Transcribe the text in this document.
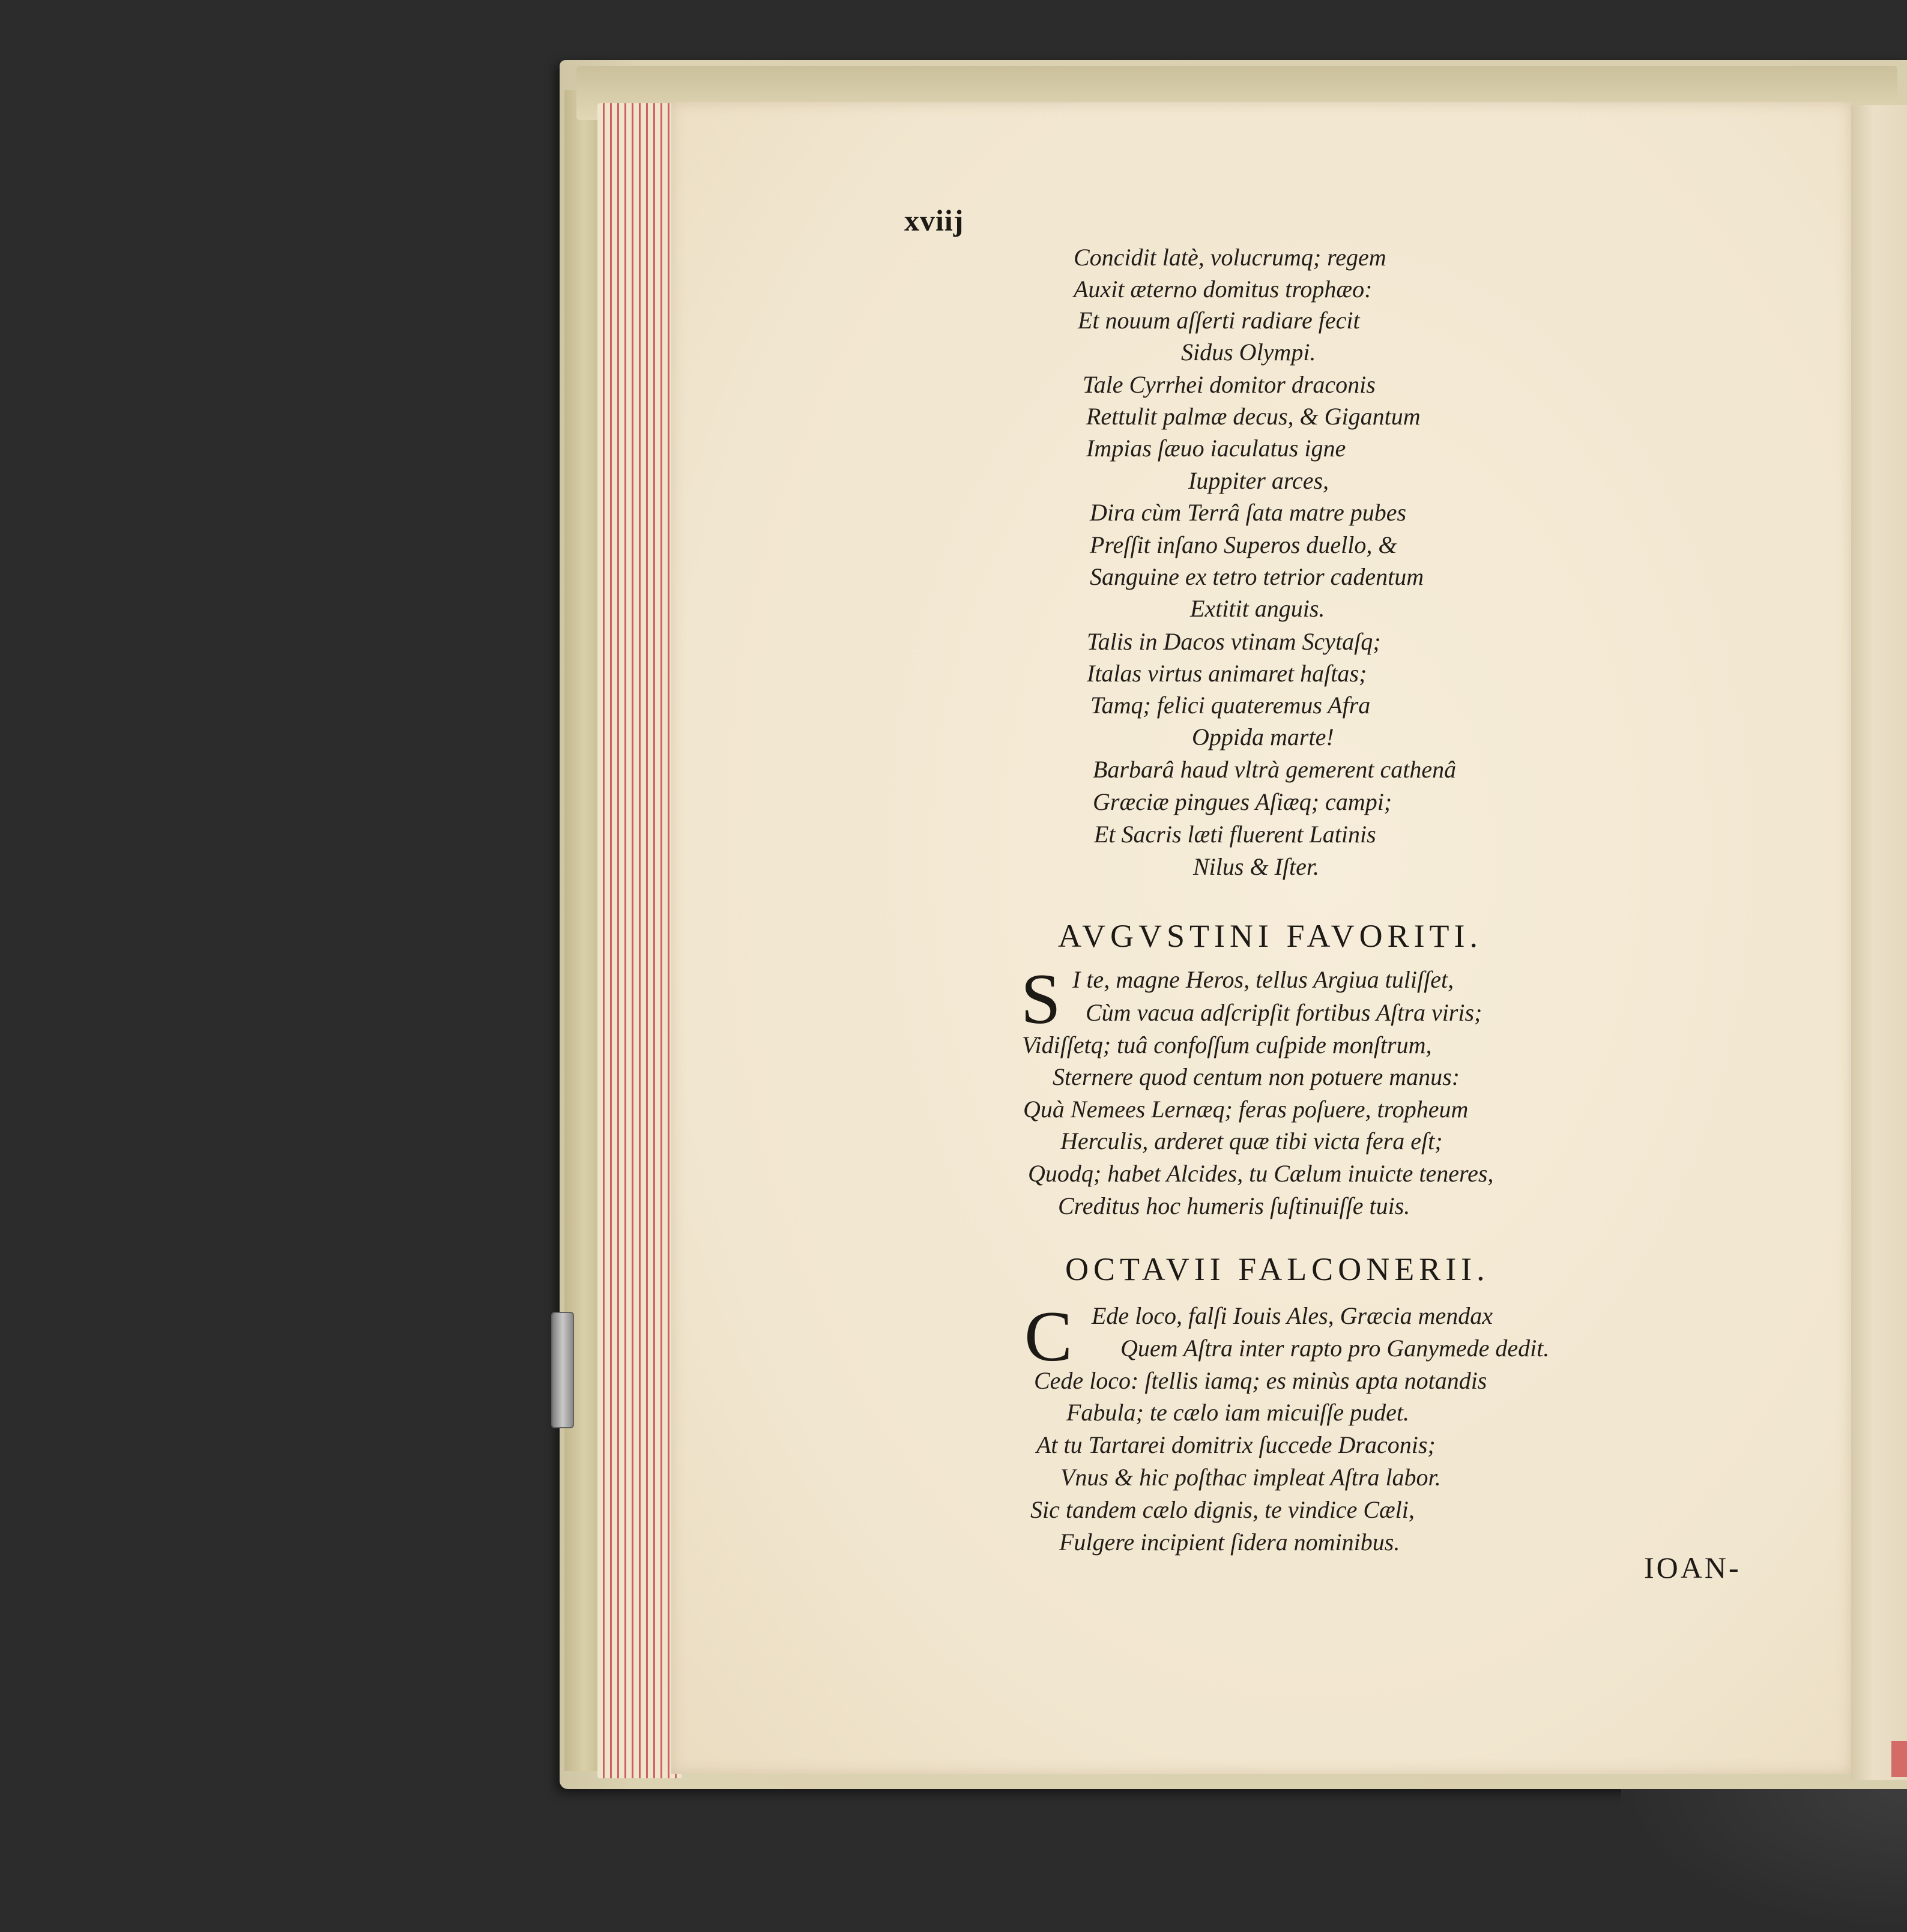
xviij
Concidit latè, volucrumq; regem
Auxit æterno domitus trophæo:
Et nouum aſſerti radiare fecit
Sidus Olympi.
Tale Cyrrhei domitor draconis
Rettulit palmæ decus, & Gigantum
Impias ſæuo iaculatus igne
Iuppiter arces,
Dira cùm Terrâ ſata matre pubes
Preſſit inſano Superos duello, &
Sanguine ex tetro tetrior cadentum
Extitit anguis.
Talis in Dacos vtinam Scytaſq;
Italas virtus animaret haſtas;
Tamq; felici quateremus Afra
Oppida marte!
Barbarâ haud vltrà gemerent cathenâ
Græciæ pingues Aſiæq; campi;
Et Sacris læti fluerent Latinis
Nilus & Iſter.
AVGVSTINI FAVORITI.
S I te, magne Heros, tellus Argiua tuliſſet,
Cùm vacua adſcripſit fortibus Aſtra viris;
Vidiſſetq; tuâ confoſſum cuſpide monſtrum,
Sternere quod centum non potuere manus:
Quà Nemees Lernæq; feras poſuere, tropheum
Herculis, arderet quæ tibi victa fera eſt;
Quodq; habet Alcides, tu Cælum inuicte teneres,
Creditus hoc humeris ſuſtinuiſſe tuis.
OCTAVII FALCONERII.
C Ede loco, falſi Iouis Ales, Græcia mendax
Quem Aſtra inter rapto pro Ganymede dedit.
Cede loco: ſtellis iamq; es minùs apta notandis
Fabula; te cælo iam micuiſſe pudet.
At tu Tartarei domitrix ſuccede Draconis;
Vnus & hic poſthac impleat Aſtra labor.
Sic tandem cælo dignis, te vindice Cæli,
Fulgere incipient ſidera nominibus.
IOAN-
